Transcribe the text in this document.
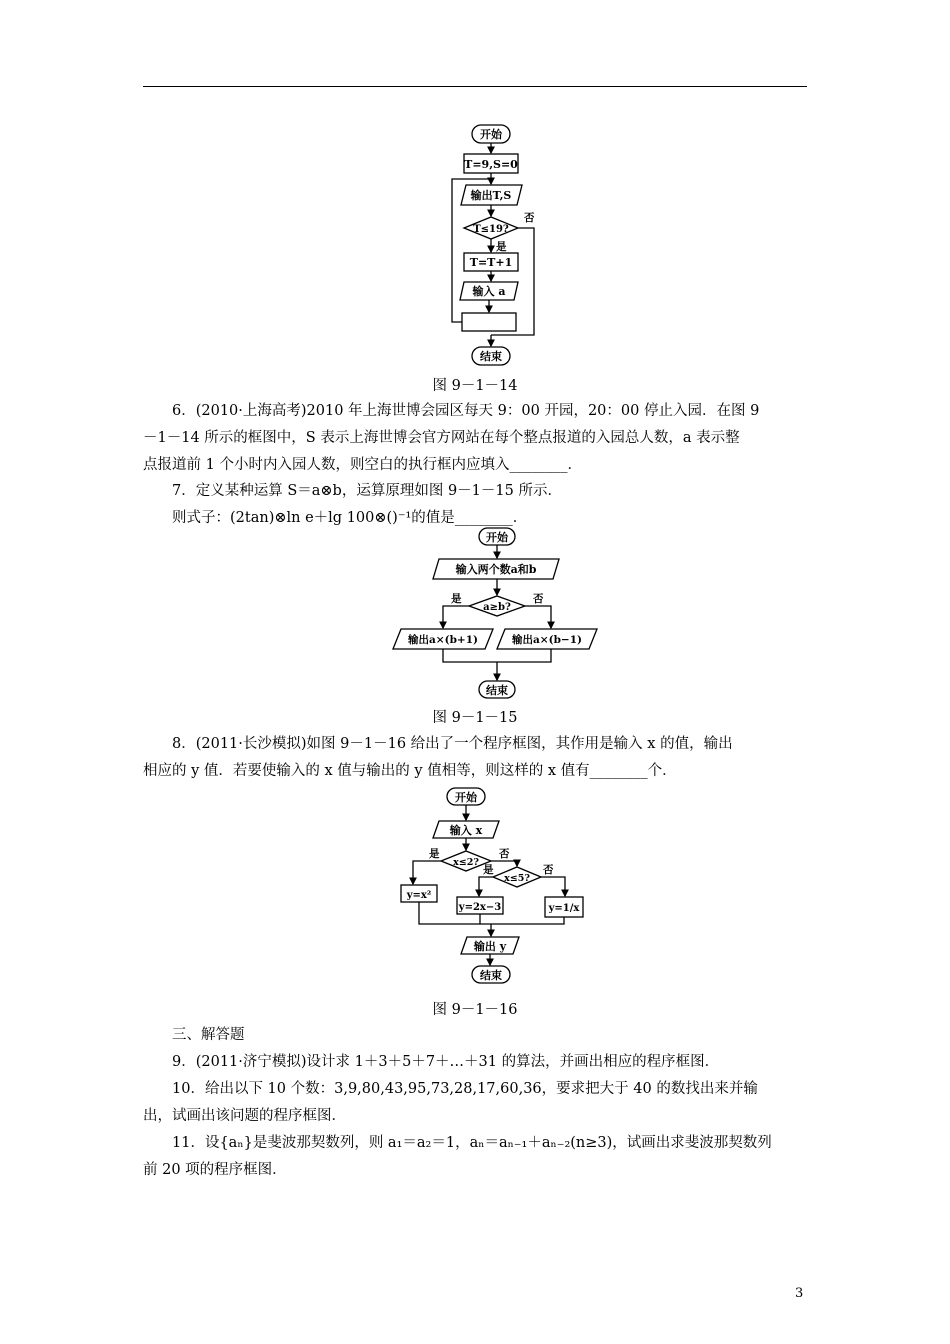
开始
T=9,S=0
输出T,S
T≤19?
否
是
T=T+1
输入 a
结束
图 9－1－14
6．(2010·上海高考)2010 年上海世博会园区每天 9：00 开园，20：00 停止入园．在图 9
－1－14 所示的框图中，S 表示上海世博会官方网站在每个整点报道的入园总人数，a 表示整
点报道前 1 个小时内入园人数，则空白的执行框内应填入________．
7．定义某种运算 S＝a⊗b，运算原理如图 9－1－15 所示．
则式子：(2tan)⊗ln e＋lg 100⊗()⁻¹的值是________．
开始
输入两个数a和b
a≥b?
是	否
输出a×(b+1)	输出a×(b−1)
结束
图 9－1－15
8．(2011·长沙模拟)如图 9－1－16 给出了一个程序框图，其作用是输入 x 的值，输出
相应的 y 值．若要使输入的 x 值与输出的 y 值相等，则这样的 x 值有________个．
开始
输入 x
x≤2?
是	否
x≤5?
是	否
y=x²
y=2x−3	y=1/x
输出 y
结束
图 9－1－16
三、解答题
9．(2011·济宁模拟)设计求 1＋3＋5＋7＋…＋31 的算法，并画出相应的程序框图．
10．给出以下 10 个数：3,9,80,43,95,73,28,17,60,36，要求把大于 40 的数找出来并输
出，试画出该问题的程序框图．
11．设{aₙ}是斐波那契数列，则 a₁＝a₂＝1，aₙ＝aₙ₋₁＋aₙ₋₂(n≥3)，试画出求斐波那契数列
前 20 项的程序框图．
3
